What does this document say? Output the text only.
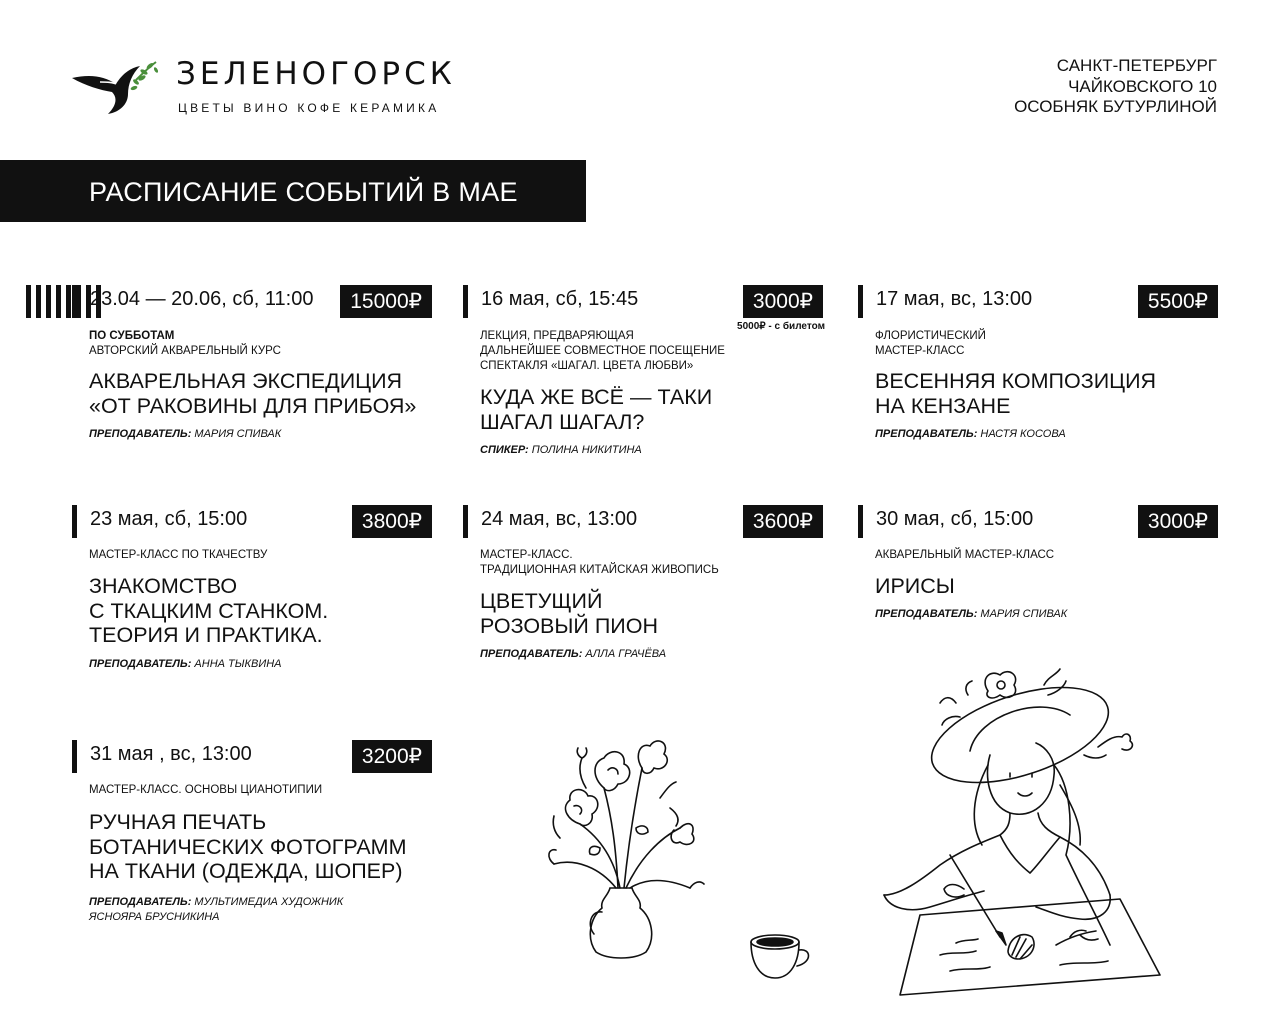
ЗЕЛЕНОГОРСК
ЦВЕТЫ ВИНО КОФЕ КЕРАМИКА
САНКТ-ПЕТЕРБУРГ
ЧАЙКОВСКОГО 10
ОСОБНЯК БУТУРЛИНОЙ
РАСПИСАНИЕ СОБЫТИЙ В МАЕ
23.04 — 20.06, сб, 11:00	15000₽
ПО СУББОТАМ
АВТОРСКИЙ АКВАРЕЛЬНЫЙ КУРС
АКВАРЕЛЬНАЯ ЭКСПЕДИЦИЯ
«ОТ РАКОВИНЫ ДЛЯ ПРИБОЯ»
ПРЕПОДАВАТЕЛЬ: МАРИЯ СПИВАК
16 мая, сб, 15:45	3000₽
5000₽ - с билетом
ЛЕКЦИЯ, ПРЕДВАРЯЮЩАЯ
ДАЛЬНЕЙШЕЕ СОВМЕСТНОЕ ПОСЕЩЕНИЕ
СПЕКТАКЛЯ «ШАГАЛ. ЦВЕТА ЛЮБВИ»
КУДА ЖЕ ВСЁ — ТАКИ
ШАГАЛ ШАГАЛ?
СПИКЕР: ПОЛИНА НИКИТИНА
17 мая, вс, 13:00	5500₽
ФЛОРИСТИЧЕСКИЙ
МАСТЕР-КЛАСС
ВЕСЕННЯЯ КОМПОЗИЦИЯ
НА КЕНЗАНЕ
ПРЕПОДАВАТЕЛЬ: НАСТЯ КОСОВА
23 мая, сб, 15:00	3800₽
МАСТЕР-КЛАСС ПО ТКАЧЕСТВУ
ЗНАКОМСТВО
С ТКАЦКИМ СТАНКОМ.
ТЕОРИЯ И ПРАКТИКА.
ПРЕПОДАВАТЕЛЬ: АННА ТЫКВИНА
24 мая, вс, 13:00	3600₽
МАСТЕР-КЛАСС.
ТРАДИЦИОННАЯ КИТАЙСКАЯ ЖИВОПИСЬ
ЦВЕТУЩИЙ
РОЗОВЫЙ ПИОН
ПРЕПОДАВАТЕЛЬ: АЛЛА ГРАЧЁВА
30 мая, сб, 15:00	3000₽
АКВАРЕЛЬНЫЙ МАСТЕР-КЛАСС
ИРИСЫ
ПРЕПОДАВАТЕЛЬ: МАРИЯ СПИВАК
31 мая , вс, 13:00	3200₽
МАСТЕР-КЛАСС. ОСНОВЫ ЦИАНОТИПИИ
РУЧНАЯ ПЕЧАТЬ
БОТАНИЧЕСКИХ ФОТОГРАММ
НА ТКАНИ (ОДЕЖДА, ШОПЕР)
ПРЕПОДАВАТЕЛЬ: МУЛЬТИМЕДИА ХУДОЖНИК
ЯСНОЯРА БРУСНИКИНА
